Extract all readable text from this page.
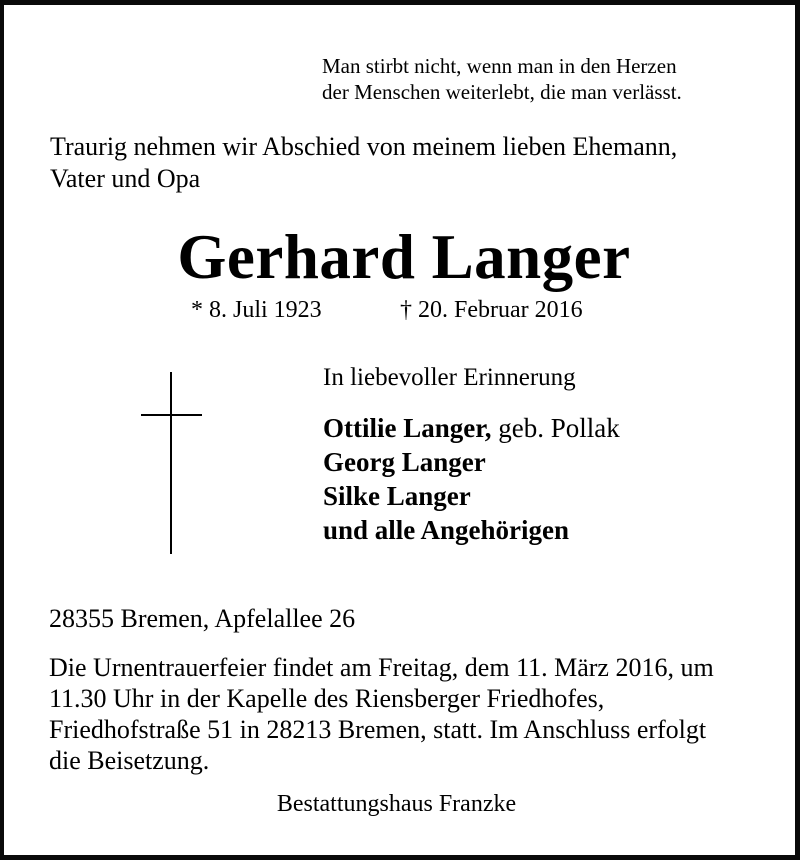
Man stirbt nicht, wenn man in den Herzen

der Menschen weiterlebt, die man verlässt.

Traurig nehmen wir Abschied von meinem lieben Ehemann,

Vater und Opa

Gerhard Langer

* 8. Juli 1923	† 20. Februar 2016

In liebevoller Erinnerung

Ottilie Langer, geb. Pollak

Georg Langer

Silke Langer

und alle Angehörigen

28355 Bremen, Apfelallee 26

Die Urnentrauerfeier findet am Freitag, dem 11. März 2016, um

11.30 Uhr in der Kapelle des Riensberger Friedhofes,

Friedhofstraße 51 in 28213 Bremen, statt. Im Anschluss erfolgt

die Beisetzung.

Bestattungshaus Franzke
